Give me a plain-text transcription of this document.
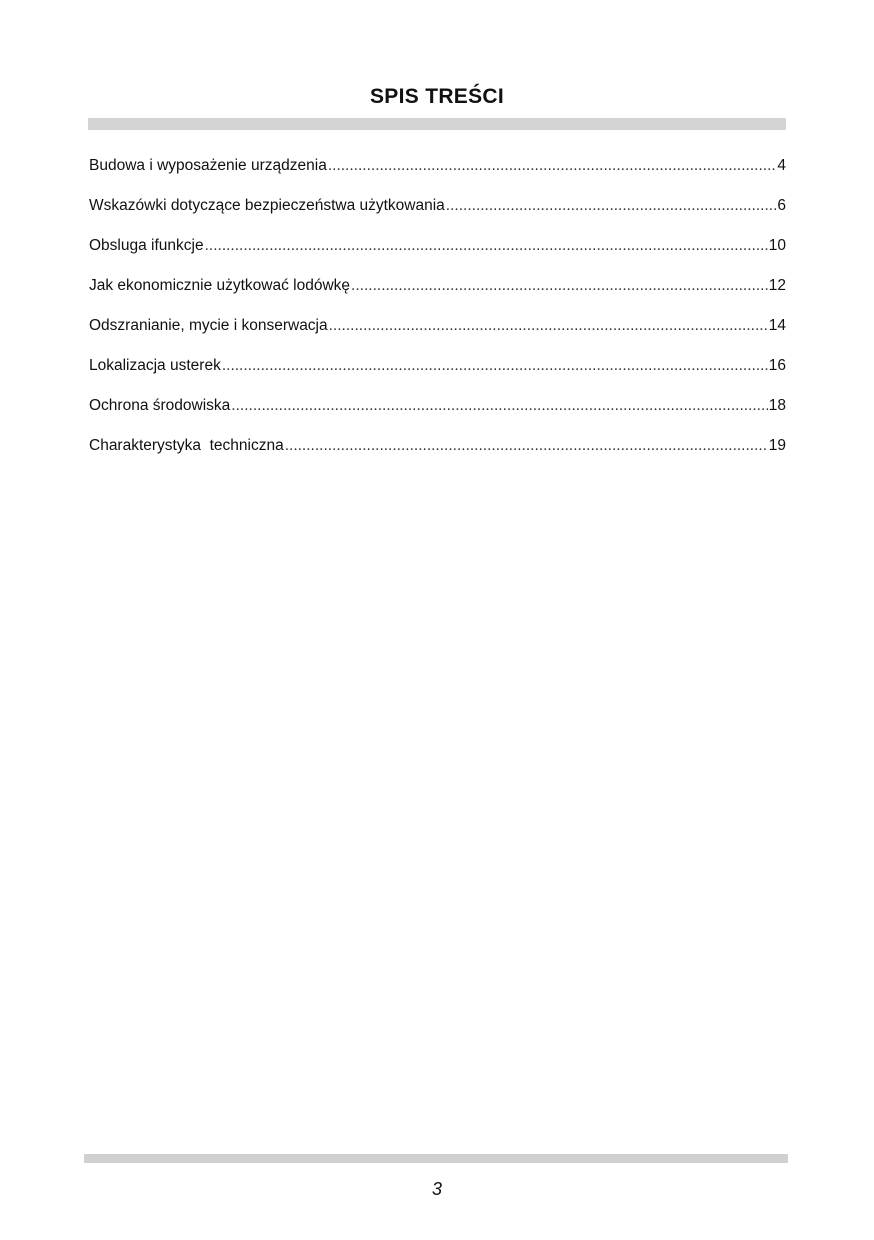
SPIS TREŚCI
Budowa i wyposażenie urządzenia .....	4
Wskazówki dotyczące bezpieczeństwa użytkowania .....	6
Obsluga ifunkcje .....	10
Jak ekonomicznie użytkować lodówkę .....	12
Odszranianie, mycie i konserwacja .....	14
Lokalizacja usterek .....	16
Ochrona środowiska .....	18
Charakterystyka  techniczna .....	19
3
